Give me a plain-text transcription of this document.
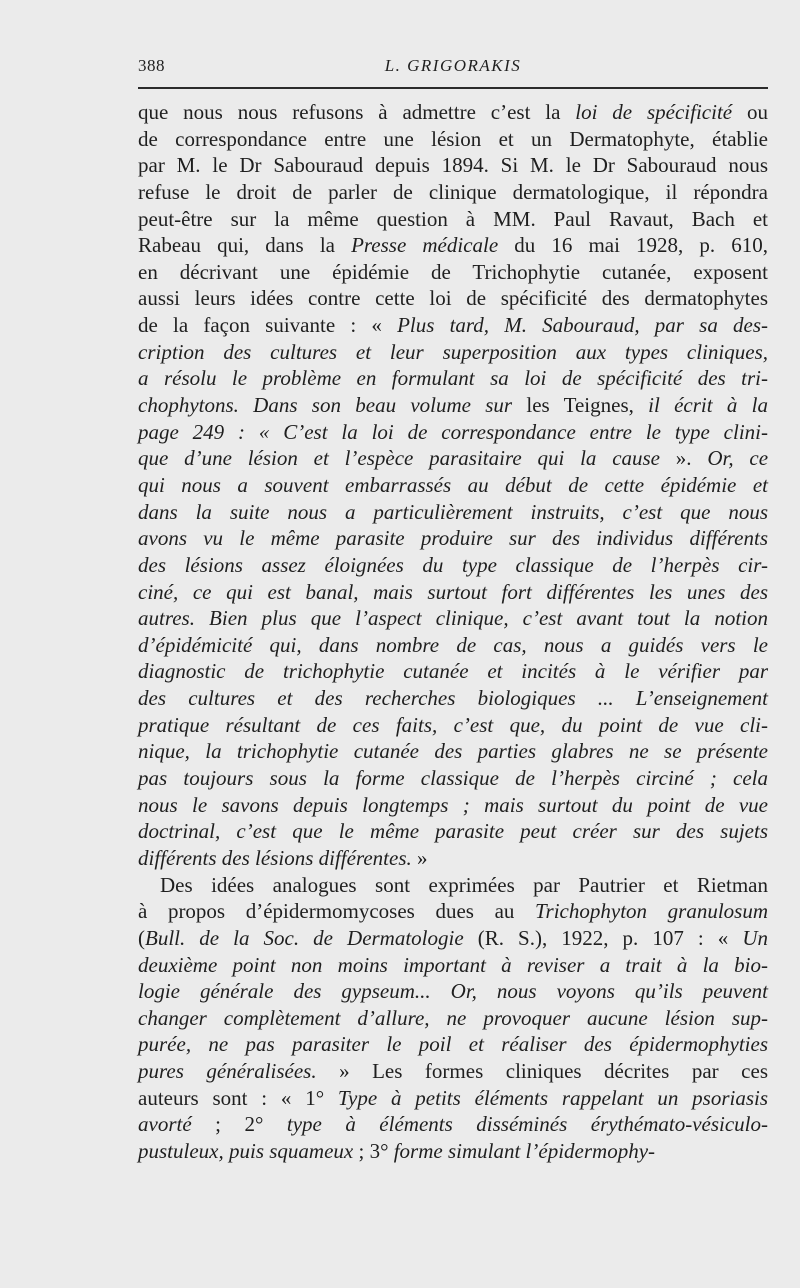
388	L. GRIGORAKIS
que nous nous refusons à admettre c’est la loi de spécificité ou
de correspondance entre une lésion et un Dermatophyte, établie
par M. le Dr Sabouraud depuis 1894. Si M. le Dr Sabouraud nous
refuse le droit de parler de clinique dermatologique, il répondra
peut-être sur la même question à MM. Paul Ravaut, Bach et
Rabeau qui, dans la Presse médicale du 16 mai 1928, p. 610,
en décrivant une épidémie de Trichophytie cutanée, exposent
aussi leurs idées contre cette loi de spécificité des dermatophytes
de la façon suivante : « Plus tard, M. Sabouraud, par sa des-
cription des cultures et leur superposition aux types cliniques,
a résolu le problème en formulant sa loi de spécificité des tri-
chophytons. Dans son beau volume sur les Teignes, il écrit à la
page 249 : « C’est la loi de correspondance entre le type clini-
que d’une lésion et l’espèce parasitaire qui la cause ». Or, ce
qui nous a souvent embarrassés au début de cette épidémie et
dans la suite nous a particulièrement instruits, c’est que nous
avons vu le même parasite produire sur des individus différents
des lésions assez éloignées du type classique de l’herpès cir-
ciné, ce qui est banal, mais surtout fort différentes les unes des
autres. Bien plus que l’aspect clinique, c’est avant tout la notion
d’épidémicité qui, dans nombre de cas, nous a guidés vers le
diagnostic de trichophytie cutanée et incités à le vérifier par
des cultures et des recherches biologiques ... L’enseignement
pratique résultant de ces faits, c’est que, du point de vue cli-
nique, la trichophytie cutanée des parties glabres ne se présente
pas toujours sous la forme classique de l’herpès circiné ; cela
nous le savons depuis longtemps ; mais surtout du point de vue
doctrinal, c’est que le même parasite peut créer sur des sujets
différents des lésions différentes. »
Des idées analogues sont exprimées par Pautrier et Rietman
à propos d’épidermomycoses dues au Trichophyton granulosum
(Bull. de la Soc. de Dermatologie (R. S.), 1922, p. 107 : « Un
deuxième point non moins important à reviser a trait à la bio-
logie générale des gypseum... Or, nous voyons qu’ils peuvent
changer complètement d’allure, ne provoquer aucune lésion sup-
purée, ne pas parasiter le poil et réaliser des épidermophyties
pures généralisées. » Les formes cliniques décrites par ces
auteurs sont : « 1° Type à petits éléments rappelant un psoriasis
avorté ; 2° type à éléments disséminés érythémato-vésiculo-
pustuleux, puis squameux ; 3° forme simulant l’épidermophy-
